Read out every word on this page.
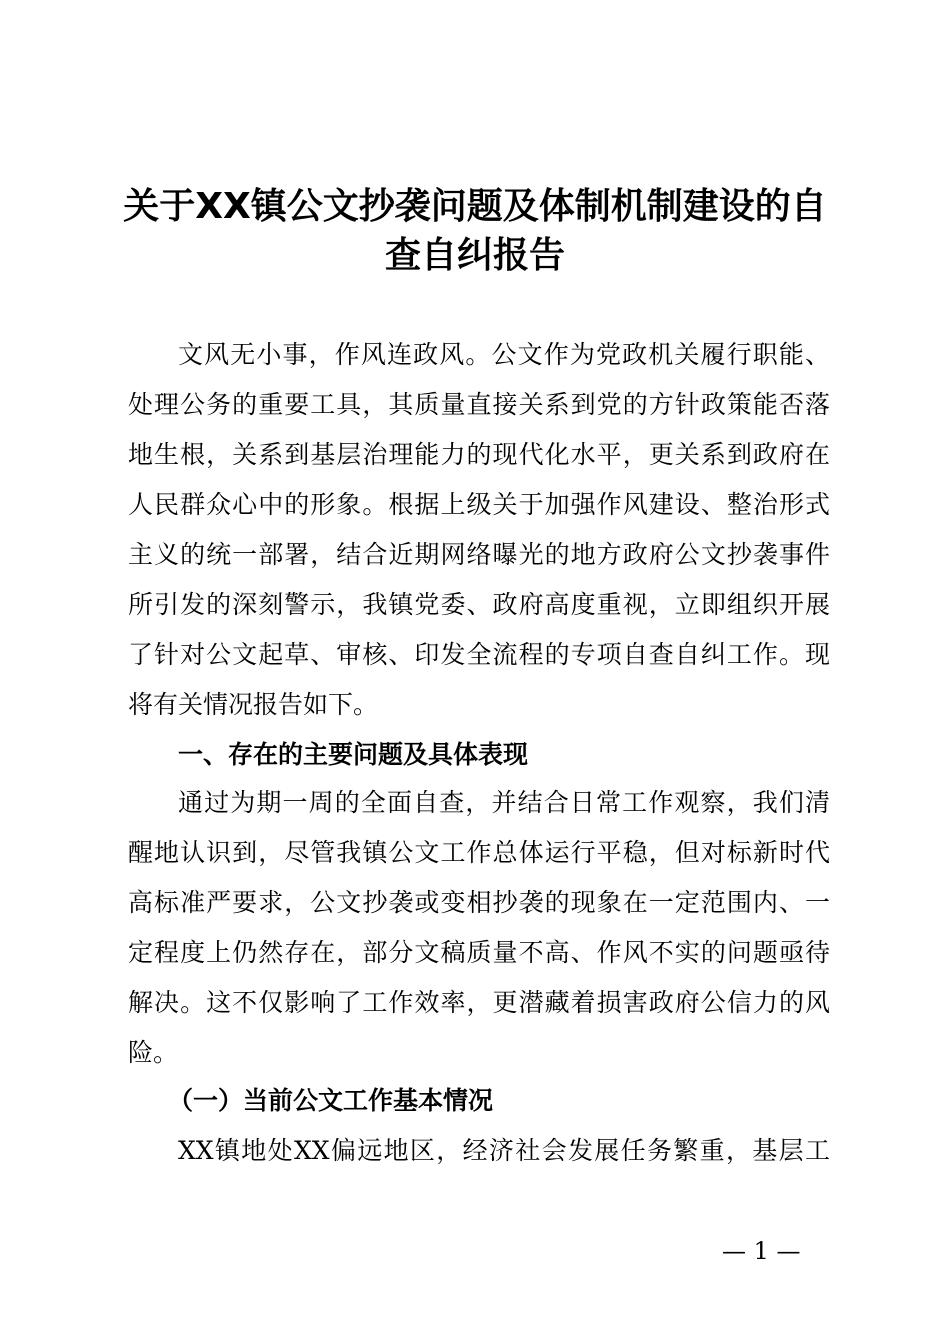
关于XX镇公文抄袭问题及体制机制建设的自
查自纠报告
文风无小事，作风连政风。公文作为党政机关履行职能、
处理公务的重要工具，其质量直接关系到党的方针政策能否落
地生根，关系到基层治理能力的现代化水平，更关系到政府在
人民群众心中的形象。根据上级关于加强作风建设、整治形式
主义的统一部署，结合近期网络曝光的地方政府公文抄袭事件
所引发的深刻警示，我镇党委、政府高度重视，立即组织开展
了针对公文起草、审核、印发全流程的专项自查自纠工作。现
将有关情况报告如下。
一、存在的主要问题及具体表现
通过为期一周的全面自查，并结合日常工作观察，我们清
醒地认识到，尽管我镇公文工作总体运行平稳，但对标新时代
高标准严要求，公文抄袭或变相抄袭的现象在一定范围内、一
定程度上仍然存在，部分文稿质量不高、作风不实的问题亟待
解决。这不仅影响了工作效率，更潜藏着损害政府公信力的风
险。
（一）当前公文工作基本情况
XX镇地处XX偏远地区，经济社会发展任务繁重，基层工
— 1 —
